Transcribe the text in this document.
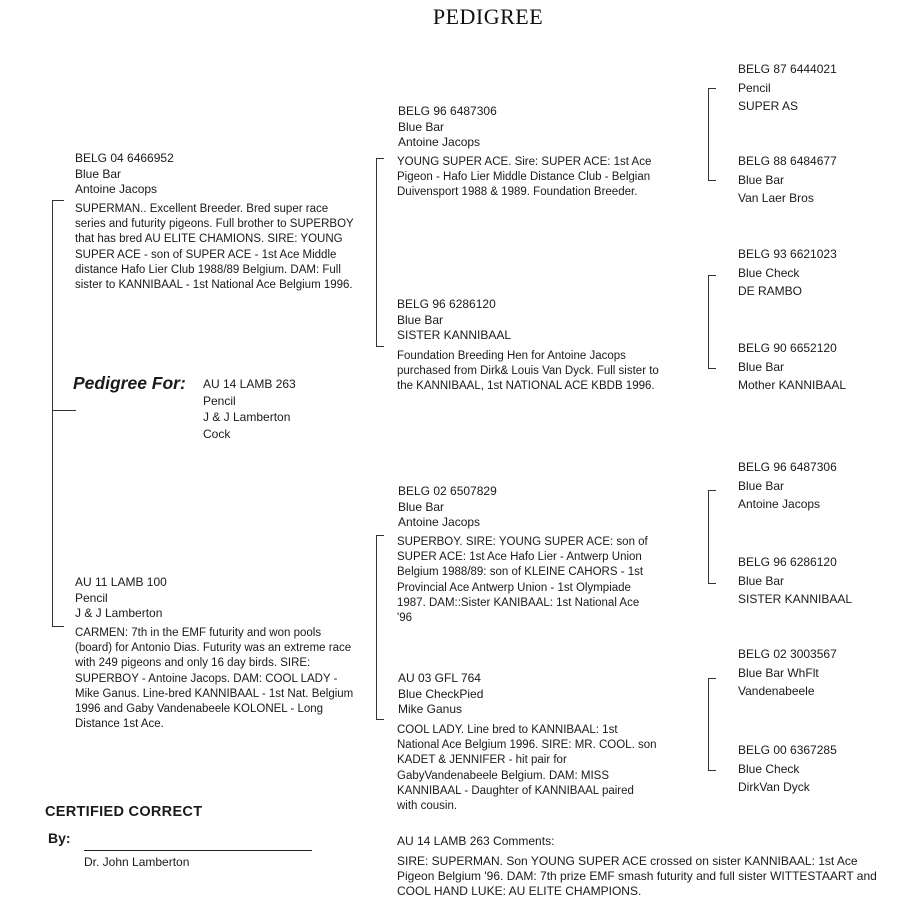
PEDIGREE
BELG 04 6466952
Blue Bar
Antoine Jacops
SUPERMAN.. Excellent Breeder. Bred super race series and futurity pigeons. Full brother to SUPERBOY that has bred AU ELITE CHAMIONS. SIRE: YOUNG SUPER ACE - son of SUPER ACE - 1st Ace Middle distance Hafo Lier Club 1988/89 Belgium. DAM: Full sister to KANNIBAAL - 1st National Ace Belgium 1996.
Pedigree For: AU 14 LAMB 263
Pencil
J & J Lamberton
Cock
AU 11 LAMB 100
Pencil
J & J Lamberton
CARMEN: 7th in the EMF futurity and won pools (board) for Antonio Dias. Futurity was an extreme race with 249 pigeons and only 16 day birds. SIRE: SUPERBOY - Antoine Jacops. DAM: COOL LADY - Mike Ganus. Line-bred KANNIBAAL - 1st Nat. Belgium 1996 and Gaby Vandenabeele KOLONEL - Long Distance 1st Ace.
BELG 96 6487306
Blue Bar
Antoine Jacops
YOUNG SUPER ACE. Sire: SUPER ACE: 1st Ace Pigeon - Hafo Lier Middle Distance Club - Belgian Duivensport 1988 & 1989. Foundation Breeder.
BELG 96 6286120
Blue Bar
SISTER KANNIBAAL
Foundation Breeding Hen for Antoine Jacops purchased from Dirk& Louis Van Dyck. Full sister to the KANNIBAAL, 1st NATIONAL ACE KBDB 1996.
BELG 02 6507829
Blue Bar
Antoine Jacops
SUPERBOY. SIRE: YOUNG SUPER ACE: son of SUPER ACE: 1st Ace Hafo Lier - Antwerp Union Belgium 1988/89: son of KLEINE CAHORS - 1st Provincial Ace Antwerp Union - 1st Olympiade 1987. DAM::Sister KANIBAAL: 1st National Ace '96
AU 03 GFL 764
Blue CheckPied
Mike Ganus
COOL LADY. Line bred to KANNIBAAL: 1st National Ace Belgium 1996. SIRE: MR. COOL. son KADET & JENNIFER - hit pair for GabyVandenabeele Belgium. DAM: MISS KANNIBAAL - Daughter of KANNIBAAL paired with cousin.
BELG 87 6444021
Pencil
SUPER AS
BELG 88 6484677
Blue Bar
Van Laer Bros
BELG 93 6621023
Blue Check
DE RAMBO
BELG 90 6652120
Blue Bar
Mother KANNIBAAL
BELG 96 6487306
Blue Bar
Antoine Jacops
BELG 96 6286120
Blue Bar
SISTER KANNIBAAL
BELG 02 3003567
Blue Bar WhFlt
Vandenabeele
BELG 00 6367285
Blue Check
DirkVan Dyck
CERTIFIED CORRECT
By:
Dr. John Lamberton
AU 14 LAMB 263 Comments:
SIRE: SUPERMAN. Son YOUNG SUPER ACE crossed on sister KANNIBAAL: 1st Ace Pigeon Belgium '96. DAM: 7th prize EMF smash futurity and full sister WITTESTAART and COOL HAND LUKE: AU ELITE CHAMPIONS.
